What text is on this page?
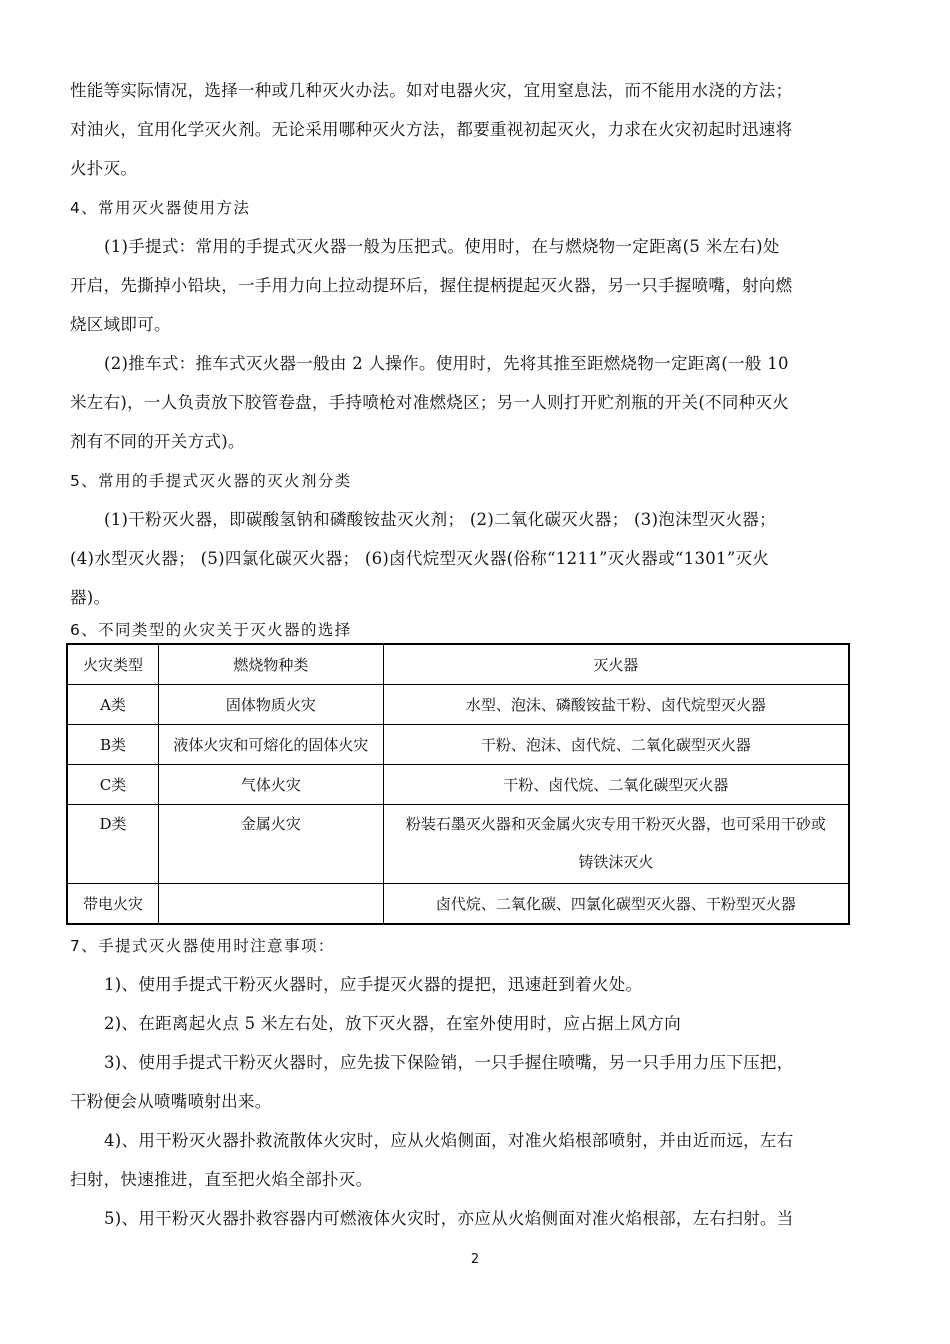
性能等实际情况，选择一种或几种灭火办法。如对电器火灾，宜用窒息法，而不能用水浇的方法；
对油火，宜用化学灭火剂。无论采用哪种灭火方法，都要重视初起灭火，力求在火灾初起时迅速将
火扑灭。
4、常用灭火器使用方法
(1)手提式：常用的手提式灭火器一般为压把式。使用时，在与燃烧物一定距离(5 米左右)处
开启，先撕掉小铅块，一手用力向上拉动提环后，握住提柄提起灭火器，另一只手握喷嘴，射向燃
烧区域即可。
(2)推车式：推车式灭火器一般由 2 人操作。使用时，先将其推至距燃烧物一定距离(一般 10
米左右)，一人负责放下胶管卷盘，手持喷枪对准燃烧区；另一人则打开贮剂瓶的开关(不同种灭火
剂有不同的开关方式)。
5、常用的手提式灭火器的灭火剂分类
(1)干粉灭火器，即碳酸氢钠和磷酸铵盐灭火剂； (2)二氧化碳灭火器； (3)泡沫型灭火器；
(4)水型灭火器； (5)四氯化碳灭火器； (6)卤代烷型灭火器(俗称“1211”灭火器或“1301”灭火
器)。
6、不同类型的火灾关于灭火器的选择
火灾类型	燃烧物种类	灭火器
A类	固体物质火灾	水型、泡沫、磷酸铵盐干粉、卤代烷型灭火器
B类	液体火灾和可熔化的固体火灾	干粉、泡沫、卤代烷、二氧化碳型灭火器
C类	气体火灾	干粉、卤代烷、二氧化碳型灭火器
D类	金属火灾	粉装石墨灭火器和灭金属火灾专用干粉灭火器，也可采用干砂或
铸铁沫灭火
带电火灾		卤代烷、二氧化碳、四氯化碳型灭火器、干粉型灭火器
7、手提式灭火器使用时注意事项：
1)、使用手提式干粉灭火器时，应手提灭火器的提把，迅速赶到着火处。
2)、在距离起火点 5 米左右处，放下灭火器，在室外使用时，应占据上风方向
3)、使用手提式干粉灭火器时，应先拔下保险销，一只手握住喷嘴，另一只手用力压下压把，
干粉便会从喷嘴喷射出来。
4)、用干粉灭火器扑救流散体火灾时，应从火焰侧面，对准火焰根部喷射，并由近而远，左右
扫射，快速推进，直至把火焰全部扑灭。
5)、用干粉灭火器扑救容器内可燃液体火灾时，亦应从火焰侧面对准火焰根部，左右扫射。当
2
